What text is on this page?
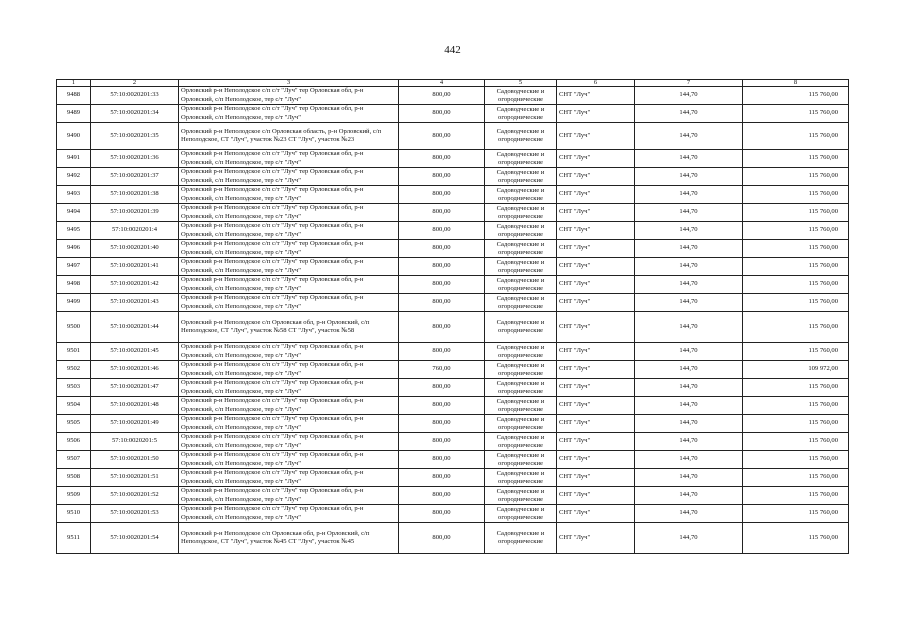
442
1	2	3	4	5	6	7	8
9488	57:10:0020201:33	Орловский р-н Неполодское с/п с/т "Луч" тер Орловская обл, р-н Орловский, с/п Неполодское, тер с/т "Луч"	800,00	Садоводческие и огороднические	СНТ "Луч"	144,70	115 760,00
9489	57:10:0020201:34	Орловский р-н Неполодское с/п с/т "Луч" тер Орловская обл, р-н Орловский, с/п Неполодское, тер с/т "Луч"	800,00	Садоводческие и огороднические	СНТ "Луч"	144,70	115 760,00
9490	57:10:0020201:35	Орловский р-н Неполодское с/п Орловская область, р-н Орловский, с/п Неполодское, СТ "Луч", участок №23 СТ "Луч", участок №23	800,00	Садоводческие и огороднические	СНТ "Луч"	144,70	115 760,00
9491	57:10:0020201:36	Орловский р-н Неполодское с/п с/т "Луч" тер Орловская обл, р-н Орловский, с/п Неполодское, тер с/т "Луч"	800,00	Садоводческие и огороднические	СНТ "Луч"	144,70	115 760,00
9492	57:10:0020201:37	Орловский р-н Неполодское с/п с/т "Луч" тер Орловская обл, р-н Орловский, с/п Неполодское, тер с/т "Луч"	800,00	Садоводческие и огороднические	СНТ "Луч"	144,70	115 760,00
9493	57:10:0020201:38	Орловский р-н Неполодское с/п с/т "Луч" тер Орловская обл, р-н Орловский, с/п Неполодское, тер с/т "Луч"	800,00	Садоводческие и огороднические	СНТ "Луч"	144,70	115 760,00
9494	57:10:0020201:39	Орловский р-н Неполодское с/п с/т "Луч" тер Орловская обл, р-н Орловский, с/п Неполодское, тер с/т "Луч"	800,00	Садоводческие и огороднические	СНТ "Луч"	144,70	115 760,00
9495	57:10:0020201:4	Орловский р-н Неполодское с/п с/т "Луч" тер Орловская обл, р-н Орловский, с/п Неполодское, тер с/т "Луч"	800,00	Садоводческие и огороднические	СНТ "Луч"	144,70	115 760,00
9496	57:10:0020201:40	Орловский р-н Неполодское с/п с/т "Луч" тер Орловская обл, р-н Орловский, с/п Неполодское, тер с/т "Луч"	800,00	Садоводческие и огороднические	СНТ "Луч"	144,70	115 760,00
9497	57:10:0020201:41	Орловский р-н Неполодское с/п с/т "Луч" тер Орловская обл, р-н Орловский, с/п Неполодское, тер с/т "Луч"	800,00	Садоводческие и огороднические	СНТ "Луч"	144,70	115 760,00
9498	57:10:0020201:42	Орловский р-н Неполодское с/п с/т "Луч" тер Орловская обл, р-н Орловский, с/п Неполодское, тер с/т "Луч"	800,00	Садоводческие и огороднические	СНТ "Луч"	144,70	115 760,00
9499	57:10:0020201:43	Орловский р-н Неполодское с/п с/т "Луч" тер Орловская обл, р-н Орловский, с/п Неполодское, тер с/т "Луч"	800,00	Садоводческие и огороднические	СНТ "Луч"	144,70	115 760,00
9500	57:10:0020201:44	Орловский р-н Неполодское с/п Орловская обл, р-н Орловский, с/п Неполодское, СТ "Луч", участок №58 СТ "Луч", участок №58	800,00	Садоводческие и огороднические	СНТ "Луч"	144,70	115 760,00
9501	57:10:0020201:45	Орловский р-н Неполодское с/п с/т "Луч" тер Орловская обл, р-н Орловский, с/п Неполодское, тер с/т "Луч"	800,00	Садоводческие и огороднические	СНТ "Луч"	144,70	115 760,00
9502	57:10:0020201:46	Орловский р-н Неполодское с/п с/т "Луч" тер Орловская обл, р-н Орловский, с/п Неполодское, тер с/т "Луч"	760,00	Садоводческие и огороднические	СНТ "Луч"	144,70	109 972,00
9503	57:10:0020201:47	Орловский р-н Неполодское с/п с/т "Луч" тер Орловская обл, р-н Орловский, с/п Неполодское, тер с/т "Луч"	800,00	Садоводческие и огороднические	СНТ "Луч"	144,70	115 760,00
9504	57:10:0020201:48	Орловский р-н Неполодское с/п с/т "Луч" тер Орловская обл, р-н Орловский, с/п Неполодское, тер с/т "Луч"	800,00	Садоводческие и огороднические	СНТ "Луч"	144,70	115 760,00
9505	57:10:0020201:49	Орловский р-н Неполодское с/п с/т "Луч" тер Орловская обл, р-н Орловский, с/п Неполодское, тер с/т "Луч"	800,00	Садоводческие и огороднические	СНТ "Луч"	144,70	115 760,00
9506	57:10:0020201:5	Орловский р-н Неполодское с/п с/т "Луч" тер Орловская обл, р-н Орловский, с/п Неполодское, тер с/т "Луч"	800,00	Садоводческие и огороднические	СНТ "Луч"	144,70	115 760,00
9507	57:10:0020201:50	Орловский р-н Неполодское с/п с/т "Луч" тер Орловская обл, р-н Орловский, с/п Неполодское, тер с/т "Луч"	800,00	Садоводческие и огороднические	СНТ "Луч"	144,70	115 760,00
9508	57:10:0020201:51	Орловский р-н Неполодское с/п с/т "Луч" тер Орловская обл, р-н Орловский, с/п Неполодское, тер с/т "Луч"	800,00	Садоводческие и огороднические	СНТ "Луч"	144,70	115 760,00
9509	57:10:0020201:52	Орловский р-н Неполодское с/п с/т "Луч" тер Орловская обл, р-н Орловский, с/п Неполодское, тер с/т "Луч"	800,00	Садоводческие и огороднические	СНТ "Луч"	144,70	115 760,00
9510	57:10:0020201:53	Орловский р-н Неполодское с/п с/т "Луч" тер Орловская обл, р-н Орловский, с/п Неполодское, тер с/т "Луч"	800,00	Садоводческие и огороднические	СНТ "Луч"	144,70	115 760,00
9511	57:10:0020201:54	Орловский р-н Неполодское с/п Орловская обл, р-н Орловский, с/п Неполодское, СТ "Луч", участок №45 СТ "Луч", участок №45	800,00	Садоводческие и огороднические	СНТ "Луч"	144,70	115 760,00
